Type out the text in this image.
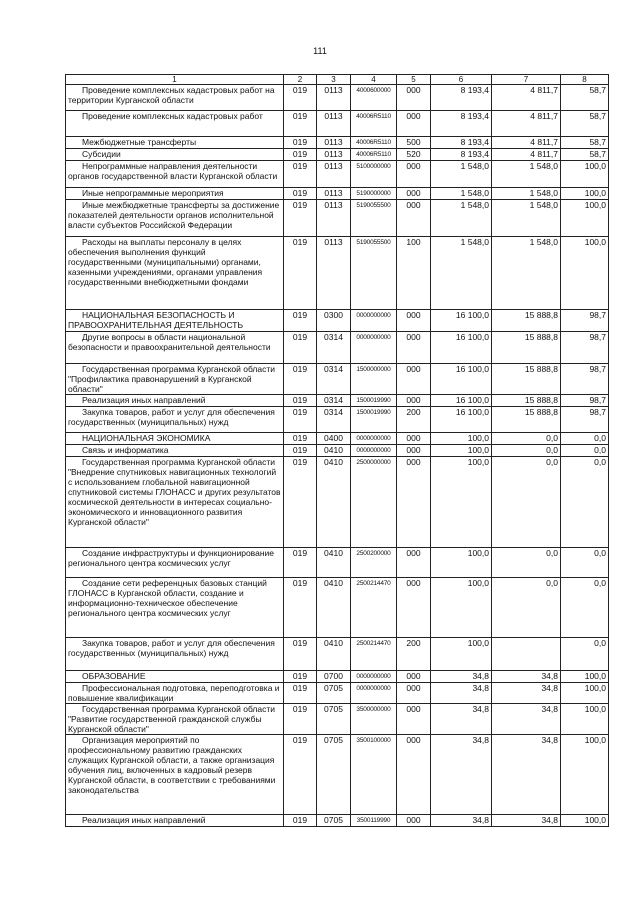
111
1	2	3	4	5	6	7	8
Проведение комплексных кадастровых работ на территории Курганской области	019	0113	4000600000	000	8 193,4	4 811,7	58,7
Проведение комплексных кадастровых работ	019	0113	40006R5110	000	8 193,4	4 811,7	58,7
Межбюджетные трансферты	019	0113	40006R5110	500	8 193,4	4 811,7	58,7
Субсидии	019	0113	40006R5110	520	8 193,4	4 811,7	58,7
Непрограммные направления деятельности органов государственной власти Курганской области	019	0113	5100000000	000	1 548,0	1 548,0	100,0
Иные непрограммные мероприятия	019	0113	5190000000	000	1 548,0	1 548,0	100,0
Иные межбюджетные трансферты за достижение показателей деятельности органов исполнительной власти субъектов Российской Федерации	019	0113	5190055500	000	1 548,0	1 548,0	100,0
Расходы на выплаты персоналу в целях обеспечения выполнения функций государственными (муниципальными) органами, казенными учреждениями, органами управления государственными внебюджетными фондами	019	0113	5190055500	100	1 548,0	1 548,0	100,0
НАЦИОНАЛЬНАЯ БЕЗОПАСНОСТЬ И ПРАВООХРАНИТЕЛЬНАЯ ДЕЯТЕЛЬНОСТЬ	019	0300	0000000000	000	16 100,0	15 888,8	98,7
Другие вопросы в области национальной безопасности и правоохранительной деятельности	019	0314	0000000000	000	16 100,0	15 888,8	98,7
Государственная программа Курганской области "Профилактика правонарушений в Курганской области"	019	0314	1500000000	000	16 100,0	15 888,8	98,7
Реализация иных направлений	019	0314	1500019990	000	16 100,0	15 888,8	98,7
Закупка товаров, работ и услуг для обеспечения государственных (муниципальных) нужд	019	0314	1500019990	200	16 100,0	15 888,8	98,7
НАЦИОНАЛЬНАЯ ЭКОНОМИКА	019	0400	0000000000	000	100,0	0,0	0,0
Связь и информатика	019	0410	0000000000	000	100,0	0,0	0,0
Государственная программа Курганской области "Внедрение спутниковых навигационных технологий с использованием глобальной навигационной спутниковой системы ГЛОНАСС и других результатов космической деятельности в интересах социально-экономического и инновационного развития Курганской области"	019	0410	2500000000	000	100,0	0,0	0,0
Создание инфраструктуры и функционирование регионального центра космических услуг	019	0410	2500200000	000	100,0	0,0	0,0
Создание сети референцных базовых станций ГЛОНАСС в Курганской области, создание и информационно-техническое обеспечение регионального центра космических услуг	019	0410	2500214470	000	100,0	0,0	0,0
Закупка товаров, работ и услуг для обеспечения государственных (муниципальных) нужд	019	0410	2500214470	200	100,0		0,0
ОБРАЗОВАНИЕ	019	0700	0000000000	000	34,8	34,8	100,0
Профессиональная подготовка, переподготовка и повышение квалификации	019	0705	0000000000	000	34,8	34,8	100,0
Государственная программа Курганской области "Развитие государственной гражданской службы Курганской области"	019	0705	3500000000	000	34,8	34,8	100,0
Организация мероприятий по профессиональному развитию гражданских служащих Курганской области, а также организация обучения лиц, включенных в кадровый резерв Курганской области, в соответствии с требованиями законодательства	019	0705	3500100000	000	34,8	34,8	100,0
Реализация иных направлений	019	0705	3500119990	000	34,8	34,8	100,0
